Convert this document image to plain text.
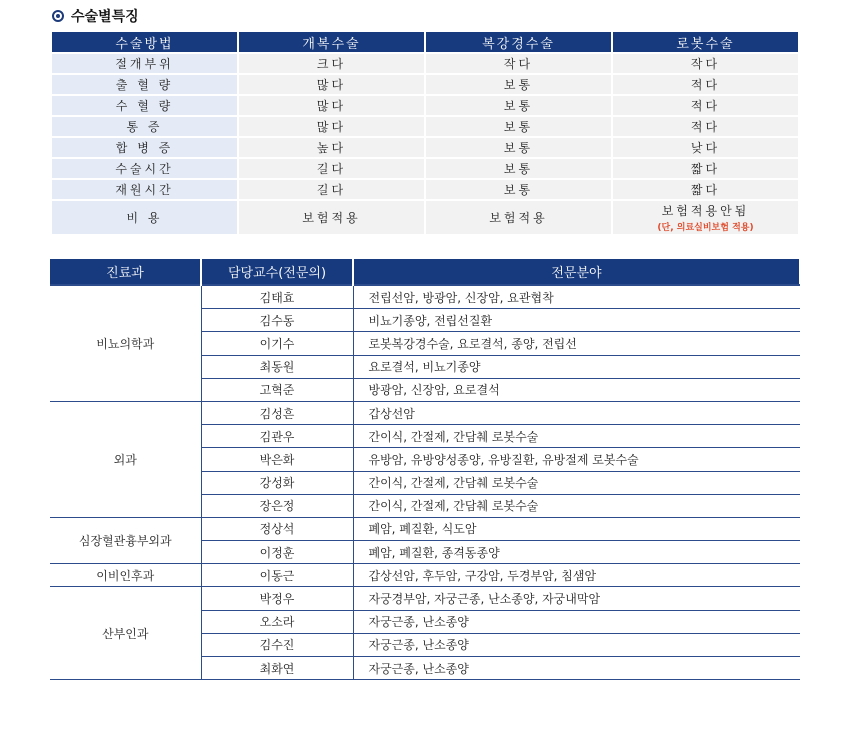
수술별특징
수술방법	개복수술	복강경수술	로봇수술
절개부위	크다	작다	작다
출 혈 량	많다	보통	적다
수 혈 량	많다	보통	적다
통 증	많다	보통	적다
합 병 증	높다	보통	낮다
수술시간	길다	보통	짧다
재원시간	길다	보통	짧다
비 용	보험적용	보험적용	보험적용안됨
(단, 의료실비보험 적용)
진료과	담당교수(전문의)	전문분야
비뇨의학과	김태효	전립선암, 방광암, 신장암, 요관협착
	김수동	비뇨기종양, 전립선질환
	이기수	로봇복강경수술, 요로결석, 종양, 전립선
	최동원	요로결석, 비뇨기종양
	고혁준	방광암, 신장암, 요로결석
외과	김성흔	갑상선암
	김관우	간이식, 간절제, 간담췌 로봇수술
	박은화	유방암, 유방양성종양, 유방질환, 유방절제 로봇수술
	강성화	간이식, 간절제, 간담췌 로봇수술
	장은정	간이식, 간절제, 간담췌 로봇수술
심장혈관흉부외과	정상석	폐암, 폐질환, 식도암
	이정훈	폐암, 폐질환, 종격동종양
이비인후과	이동근	갑상선암, 후두암, 구강암, 두경부암, 침샘암
산부인과	박정우	자궁경부암, 자궁근종, 난소종양, 자궁내막암
	오소라	자궁근종, 난소종양
	김수진	자궁근종, 난소종양
	최화연	자궁근종, 난소종양
